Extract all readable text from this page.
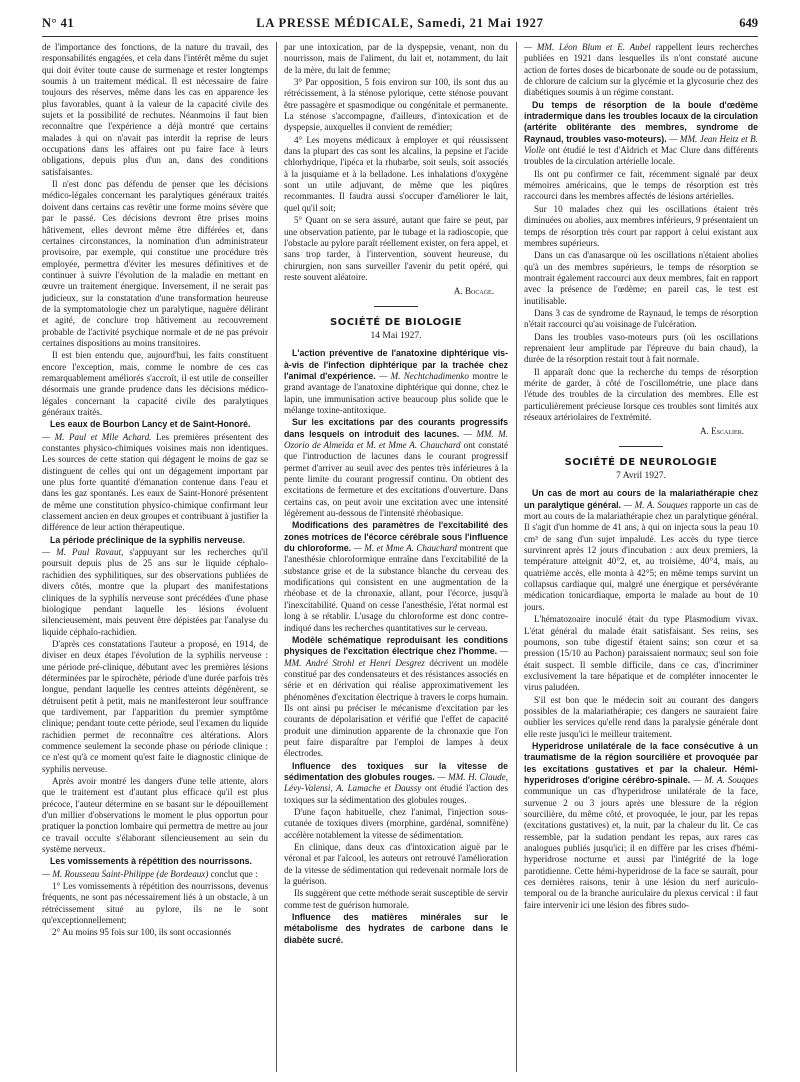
N° 41	LA PRESSE MÉDICALE, Samedi, 21 Mai 1927	649

de l'importance des fonctions, de la nature du travail, des responsabilités engagées, et cela dans l'intérêt même du sujet qui doit éviter toute cause de surmenage et rester longtemps soumis à un traitement médical. Il est nécessaire de faire toujours des réserves, même dans les cas en apparence les plus favorables, quant à la valeur de la capacité civile des sujets et la possibilité de rechutes. Néanmoins il faut bien reconnaître que l'expérience a déjà montré que certains malades à qui on n'avait pas interdit la reprise de leurs occupations dans les affaires ont pu faire face à leurs obligations, depuis plus d'un an, dans des conditions satisfaisantes.

Il n'est donc pas défendu de penser que les décisions médico-légales concernant les paralytiques généraux traités doivent dans certains cas revêtir une forme moins sévère que par le passé. Ces décisions devront être prises moins hâtivement, elles devront même être différées et, dans certaines circonstances, la nomination d'un administrateur provisoire, par exemple, qui constitue une procédure très employée, permettra d'éviter les mesures définitives et de continuer à suivre l'évolution de la maladie en mettant en œuvre un traitement énergique. Inversement, il ne serait pas judicieux, sur la constatation d'une transformation heureuse de la symptomatologie chez un paralytique, naguère délirant et agité, de conclure trop hâtivement au recouvrement probable de l'activité psychique normale et de ne pas prévoir certaines dispositions au moins transitoires.

Il est bien entendu que, aujourd'hui, les faits constituent encore l'exception, mais, comme le nombre de ces cas remarquablement améliorés s'accroît, il est utile de conseiller désormais une grande prudence dans les décisions médico-légales concernant la capacité civile des paralytiques généraux traités.

Les eaux de Bourbon Lancy et de Saint-Honoré.

— M. Paul et Mlle Achard. Les premières présentent des constantes physico-chimiques voisines mais non identiques. Les sources de cette station qui dégagent le moins de gaz se distinguent de celles qui ont un dégagement important par une plus forte quantité d'émanation contenue dans l'eau et dans les gaz spontanés. Les eaux de Saint-Honoré présentent de même une constitution physico-chimique confirmant leur classement ancien en deux groupes et contribuant à justifier la différence de leur action thérapeutique.

La période préclinique de la syphilis nerveuse.

— M. Paul Ravaut, s'appuyant sur les recherches qu'il poursuit depuis plus de 25 ans sur le liquide céphalo-rachidien des syphilitiques, sur des observations publiées de divers côtés, montre que la plupart des manifestations cliniques de la syphilis nerveuse sont précédées d'une phase biologique pendant laquelle les lésions évoluent silencieusement, mais peuvent être dépistées par l'analyse du liquide céphalo-rachidien.

D'après ces constatations l'auteur a proposé, en 1914, de diviser en deux étapes l'évolution de la syphilis nerveuse : une période pré-clinique, débutant avec les premières lésions déterminées par le spirochète, période d'une durée parfois très longue, pendant laquelle les centres atteints dégénèrent, se détruisent petit à petit, mais ne manifesteront leur souffrance que tardivement, par l'apparition du premier symptôme clinique; pendant toute cette période, seul l'examen du liquide rachidien permet de reconnaître ces altérations. Alors commence seulement la seconde phase ou période clinique : ce n'est qu'à ce moment qu'est faite le diagnostic clinique de syphilis nerveuse.

Après avoir montré les dangers d'une telle attente, alors que le traitement est d'autant plus efficace qu'il est plus précoce, l'auteur détermine en se basant sur le dépouillement d'un millier d'observations le moment le plus opportun pour pratiquer la ponction lombaire qui permettra de mettre au jour ce travail occulte s'élaborant silencieusement au sein du système nerveux.

Les vomissements à répétition des nourrissons.

— M. Rousseau Saint-Philippe (de Bordeaux) conclut que :

1° Les vomissements à répétition des nourrissons, devenus fréquents, ne sont pas nécessairement liés à un obstacle, à un rétrécissement situé au pylore, ils ne le sont qu'exceptionnellement;

2° Au moins 95 fois sur 100, ils sont occasionnés

par une intoxication, par de la dyspepsie, venant, non du nourrisson, mais de l'aliment, du lait et, notamment, du lait de la mère, du lait de femme;

3° Par opposition, 5 fois environ sur 100, ils sont dus au rétrécissement, à la sténose pylorique, cette sténose pouvant être passagère et spasmodique ou congénitale et permanente. La sténose s'accompagne, d'ailleurs, d'intoxication et de dyspepsie, auxquelles il convient de remédier;

4° Les moyens médicaux à employer et qui réussissent dans la plupart des cas sont les alcalins, la pepsine et l'acide chlorhydrique, l'ipéca et la rhubarbe, soit seuls, soit associés à la jusquiame et à la belladone. Les inhalations d'oxygène sont un utile adjuvant, de même que les piqûres recommantes. Il faudra aussi s'occuper d'améliorer le lait, quel qu'il soit;

5° Quant on se sera assuré, autant que faire se peut, par une observation patiente, par le tubage et la radioscopie, que l'obstacle au pylore paraît réellement exister, on fera appel, et sans trop tarder, à l'intervention, souvent heureuse, du chirurgien, non sans surveiller l'avenir du petit opéré, qui reste souvent aléatoire.

A. Bocage.

SOCIÉTÉ DE BIOLOGIE

14 Mai 1927.

L'action préventive de l'anatoxine diphtérique vis-à-vis de l'infection diphtérique par la trachée chez l'animal d'expérience. — M. Nechtchadimenko montre le grand avantage de l'anatoxine diphtérique qui donne, chez le lapin, une immunisation active beaucoup plus solide que le mélange toxine-antitoxique.

Sur les excitations par des courants progressifs dans lesquels on introduit des lacunes. — MM. M. Ozorio de Almeida et M. et Mme A. Chauchard ont constaté que l'introduction de lacunes dans le courant progressif permet d'arriver au seuil avec des pentes très inférieures à la pente limite du courant progressif continu. On obtient des excitations de fermeture et des excitations d'ouverture. Dans certains cas, on peut avoir une excitation avec une intensité légèrement au-dessous de l'intensité rhéobasique.

Modifications des paramètres de l'excitabilité des zones motrices de l'écorce cérébrale sous l'influence du chloroforme. — M. et Mme A. Chauchard montrent que l'anesthésie chloroformique entraîne dans l'excitabilité de la substance grise et de la substance blanche du cerveau des modifications qui consistent en une augmentation de la rhéobase et de la chronaxie, allant, pour l'écorce, jusqu'à l'inexcitabilité. Quand on cesse l'anesthésie, l'état normal est long à se rétablir. L'usage du chloroforme est donc contre-indiqué dans les recherches quantitatives sur le cerveau.

Modèle schématique reproduisant les conditions physiques de l'excitation électrique chez l'homme. — MM. André Strohl et Henri Desgrez décrivent un modèle constitué par des condensateurs et des résistances associés en série et en dérivation qui réalise approximativement les phénomènes d'excitation électrique à travers le corps humain. Ils ont ainsi pu préciser le mécanisme d'excitation par les courants de dépolarisation et vérifié que l'effet de capacité produit une diminution apparente de la chronaxie que l'on peut faire disparaître par l'emploi de lampes à deux électrodes.

Influence des toxiques sur la vitesse de sédimentation des globules rouges. — MM. H. Claude, Lévy-Valensi, A. Lamache et Daussy ont étudié l'action des toxiques sur la sédimentation des globules rouges.

D'une façon habituelle, chez l'animal, l'injection sous-cutanée de toxiques divers (morphine, gardénal, somnifène) accélère notablement la vitesse de sédimentation.

En clinique, dans deux cas d'intoxication aiguë par le véronal et par l'alcool, les auteurs ont retrouvé l'amélioration de la vitesse de sédimentation qui redevenait normale lors de la guérison.

Ils suggèrent que cette méthode serait susceptible de servir comme test de guérison humorale.

Influence des matières minérales sur le métabolisme des hydrates de carbone dans le diabète sucré.

— MM. Léon Blum et E. Aubel rappellent leurs recherches publiées en 1921 dans lesquelles ils n'ont constaté aucune action de fortes doses de bicarbonate de soude ou de potassium, de chlorure de calcium sur la glycémie et la glycosurie chez des diabétiques soumis à un régime constant.

Du temps de résorption de la boule d'œdème intradermique dans les troubles locaux de la circulation (artérite oblitérante des membres, syndrome de Raynaud, troubles vaso-moteurs). — MM. Jean Heitz et B. Violle ont étudié le test d'Aldrich et Mac Clure dans différents troubles de la circulation artérielle locale.

Ils ont pu confirmer ce fait, récemment signalé par deux mémoires américains, que le temps de résorption est très raccourci dans les membres affectés de lésions artérielles.

Sur 10 malades chez qui les oscillations étaient très diminuées ou abolies, aux membres inférieurs, 9 présentaient un temps de résorption très court par rapport à celui existant aux membres supérieurs.

Dans un cas d'anasarque où les oscillations n'étaient abolies qu'à un des membres supérieurs, le temps de résorption se montrait également raccourci aux deux membres, fait en rapport avec la présence de l'œdème; en pareil cas, le test est inutilisable.

Dans 3 cas de syndrome de Raynaud, le temps de résorption n'était raccourci qu'au voisinage de l'ulcération.

Dans les troubles vaso-moteurs purs (où les oscillations reprenaient leur amplitude par l'épreuve du bain chaud), la durée de la résorption restait tout à fait normale.

Il apparaît donc que la recherche du temps de résorption mérite de garder, à côté de l'oscillométrie, une place dans l'étude des troubles de la circulation des membres. Elle est particulièrement précieuse lorsque ces troubles sont limités aux réseaux artériolaires de l'extrémité.

A. Escalier.

SOCIÉTÉ DE NEUROLOGIE

7 Avril 1927.

Un cas de mort au cours de la malariathérapie chez un paralytique général. — M. A. Souques rapporte un cas de mort au cours de la malariathérapie chez un paralytique général. Il s'agit d'un homme de 41 ans, à qui on injecta sous la peau 10 cm³ de sang d'un sujet impaludé. Les accès du type tierce survinrent après 12 jours d'incubation : aux deux premiers, la température atteignit 40°2, et, au troisième, 40°4, mais, au quatrième accès, elle monta à 42°5; en même temps survint un collapsus cardiaque qui, malgré une énergique et persévérante médication tonicardiaque, emporta le malade au bout de 10 jours.

L'hématozoaire inoculé était du type Plasmodium vivax. L'état général du malade était satisfaisant. Ses reins, ses poumons, son tube digestif étaient sains; son cœur et sa pression (15/10 au Pachon) paraissaient normaux; seul son foie était suspect. Il semble difficile, dans ce cas, d'incriminer exclusivement la tare hépatique et de compléter innocenter le virus paludéen.

S'il est bon que le médecin soit au courant des dangers possibles de la malariathérapie; ces dangers ne sauraient faire oublier les services qu'elle rend dans la paralysie générale dont elle reste jusqu'ici le meilleur traitement.

Hyperidrose unilatérale de la face consécutive à un traumatisme de la région sourcilière et provoquée par les excitations gustatives et par la chaleur. Hémi-hyperidroses d'origine cérébro-spinale. — M. A. Souques communique un cas d'hyperidrose unilatérale de la face, survenue 2 ou 3 jours après une blessure de la région sourcilière, du même côté, et provoquée, le jour, par les repas (excitations gustatives) et, la nuit, par la chaleur du lit. Ce cas ressemble, par la sudation pendant les repas, aux rares cas analogues publiés jusqu'ici; il en diffère par les crises d'hémi-hyperidrose nocturne et aussi par l'intégrité de la loge parotidienne. Cette hémi-hyperidrose de la face se sauraît, pour ces dernières raisons, tenir à une lésion du nerf auriculo-temporal ou de la branche auriculaire du plexus cervical : il faut faire intervenir ici une lésion des fibres sudo-
